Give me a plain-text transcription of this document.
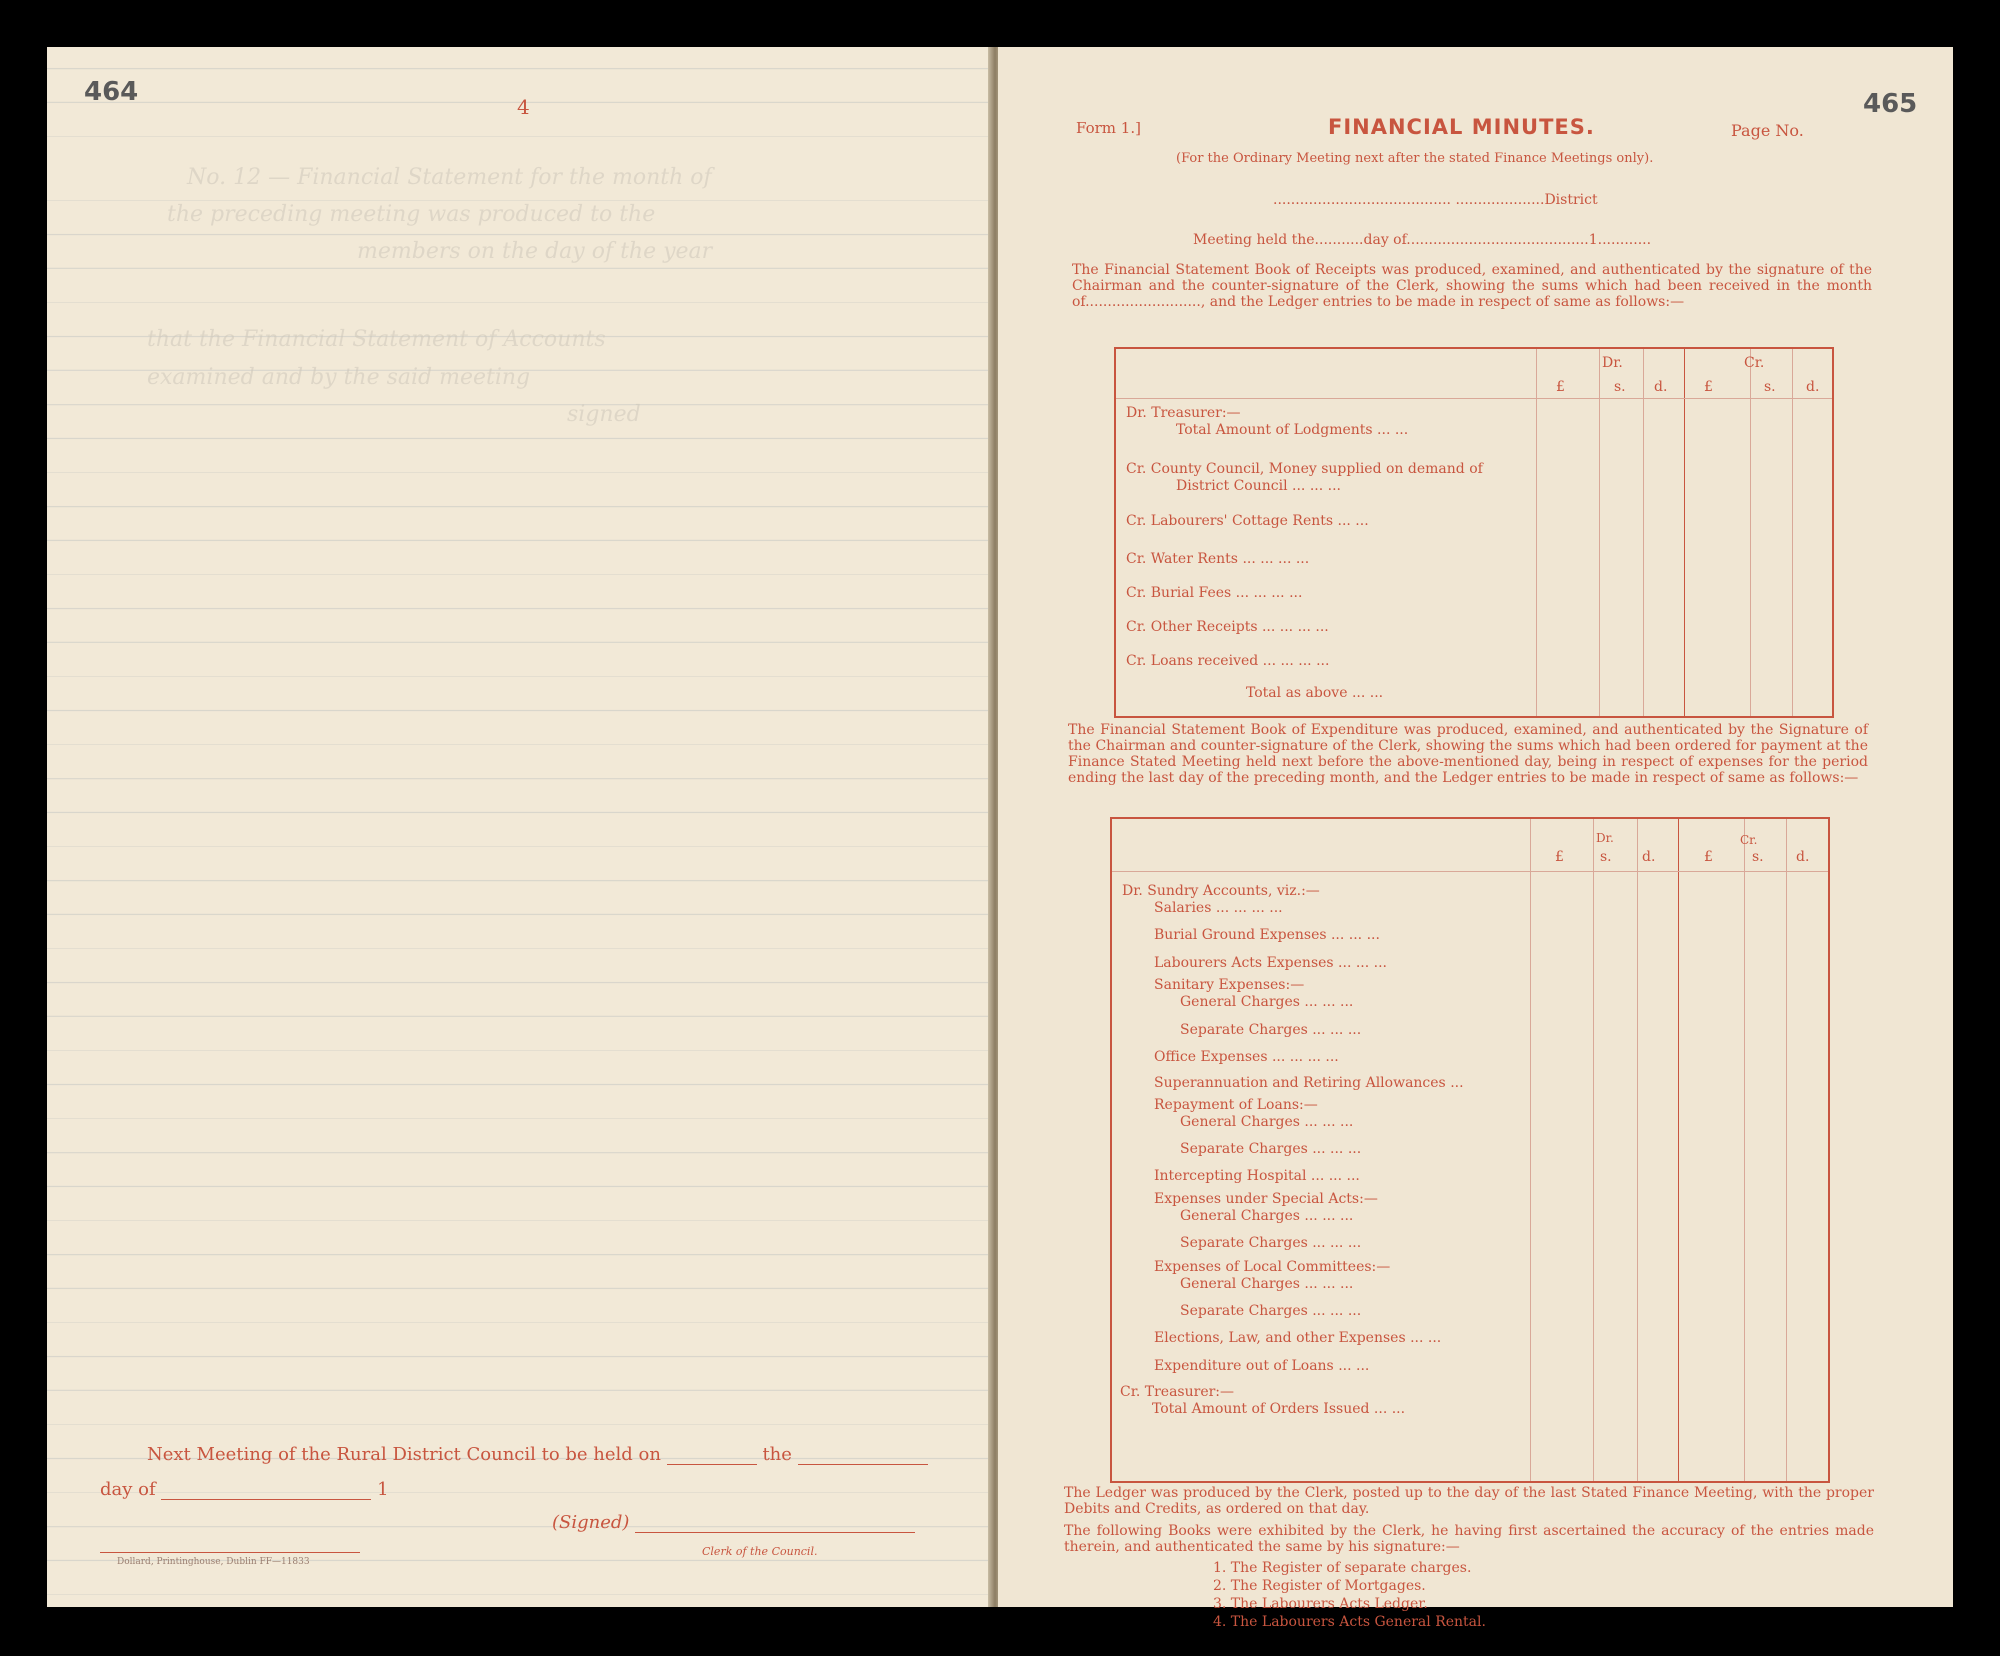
464	4
No. 12 — Financial Statement for the month of
the preceding meeting was produced to the
members on the day of the year
that the Financial Statement of Accounts
examined and by the said meeting
signed
Next Meeting of the Rural District Council to be held on	the
day of	1
(Signed)
Clerk of the Council.
Dollard, Printinghouse, Dublin FF—11833
465
Form 1.]	FINANCIAL MINUTES.	Page No.
(For the Ordinary Meeting next after the stated Finance Meetings only).
........................................ ....................District
Meeting held the...........day of.........................................1............
The Financial Statement Book of Receipts was produced, examined, and authenticated by the signature of the Chairman and the counter-signature of the Clerk, showing the sums which had been received in the month of.........................., and the Ledger entries to be made in respect of same as follows:—
Dr.	Cr.
£	s. d.	£	s. d.
Dr. Treasurer:—
Total Amount of Lodgments ... ...
Cr. County Council, Money supplied on demand of
District Council ... ... ...
Cr. Labourers' Cottage Rents ... ...
Cr. Water Rents ... ... ... ...
Cr. Burial Fees ... ... ... ...
Cr. Other Receipts ... ... ... ...
Cr. Loans received ... ... ... ...
Total as above ... ...
The Financial Statement Book of Expenditure was produced, examined, and authenticated by the Signature of the Chairman and counter-signature of the Clerk, showing the sums which had been ordered for payment at the Finance Stated Meeting held next before the above-mentioned day, being in respect of expenses for the period ending the last day of the preceding month, and the Ledger entries to be made in respect of same as follows:—
Dr.	Cr.
£	s. d.	£	s. d.
Dr. Sundry Accounts, viz.:—
Salaries ... ... ... ...
Burial Ground Expenses ... ... ...
Labourers Acts Expenses ... ... ...
Sanitary Expenses:—
General Charges ... ... ...
Separate Charges ... ... ...
Office Expenses ... ... ... ...
Superannuation and Retiring Allowances ...
Repayment of Loans:—
General Charges ... ... ...
Separate Charges ... ... ...
Intercepting Hospital ... ... ...
Expenses under Special Acts:—
General Charges ... ... ...
Separate Charges ... ... ...
Expenses of Local Committees:—
General Charges ... ... ...
Separate Charges ... ... ...
Elections, Law, and other Expenses ... ...
Expenditure out of Loans ... ...
Cr. Treasurer:—
Total Amount of Orders Issued ... ...
The Ledger was produced by the Clerk, posted up to the day of the last Stated Finance Meeting, with the proper Debits and Credits, as ordered on that day.
The following Books were exhibited by the Clerk, he having first ascertained the accuracy of the entries made therein, and authenticated the same by his signature:—
1. The Register of separate charges.
2. The Register of Mortgages.
3. The Labourers Acts Ledger.
4. The Labourers Acts General Rental.
